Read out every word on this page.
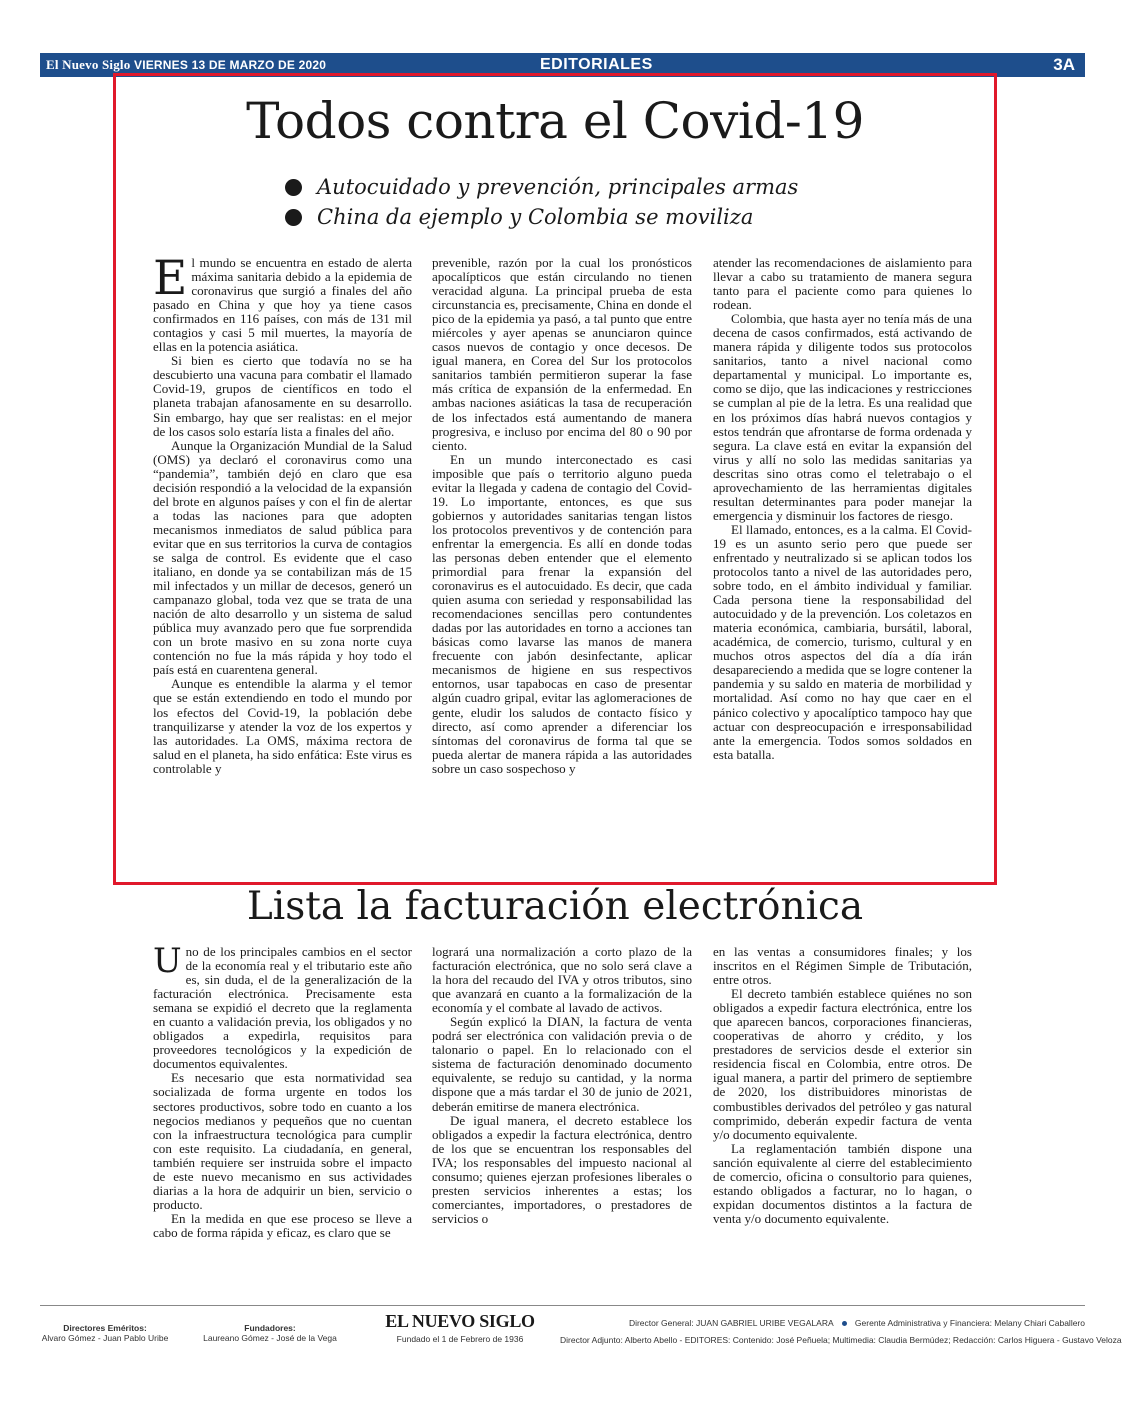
El Nuevo Siglo VIERNES 13 DE MARZO DE 2020	EDITORIALES	3A
Todos contra el Covid-19
Autocuidado y prevención, principales armas
China da ejemplo y Colombia se moviliza

El mundo se encuentra en estado de alerta máxima sanitaria debido a la epidemia de coronavirus que surgió a finales del año pasado en China y que hoy ya tiene casos confirmados en 116 países, con más de 131 mil contagios y casi 5 mil muertes, la mayoría de ellas en la potencia asiática.

Si bien es cierto que todavía no se ha descubierto una vacuna para combatir el llamado Covid-19, grupos de científicos en todo el planeta trabajan afanosamente en su desarrollo. Sin embargo, hay que ser realistas: en el mejor de los casos solo estaría lista a finales del año.

Aunque la Organización Mundial de la Salud (OMS) ya declaró el coronavirus como una “pandemia”, también dejó en claro que esa decisión respondió a la velocidad de la expansión del brote en algunos países y con el fin de alertar a todas las naciones para que adopten mecanismos inmediatos de salud pública para evitar que en sus territorios la curva de contagios se salga de control. Es evidente que el caso italiano, en donde ya se contabilizan más de 15 mil infectados y un millar de decesos, generó un campanazo global, toda vez que se trata de una nación de alto desarrollo y un sistema de salud pública muy avanzado pero que fue sorprendida con un brote masivo en su zona norte cuya contención no fue la más rápida y hoy todo el país está en cuarentena general.

Aunque es entendible la alarma y el temor que se están extendiendo en todo el mundo por los efectos del Covid-19, la población debe tranquilizarse y atender la voz de los expertos y las autoridades. La OMS, máxima rectora de salud en el planeta, ha sido enfática: Este virus es controlable y

prevenible, razón por la cual los pronósticos apocalípticos que están circulando no tienen veracidad alguna. La principal prueba de esta circunstancia es, precisamente, China en donde el pico de la epidemia ya pasó, a tal punto que entre miércoles y ayer apenas se anunciaron quince casos nuevos de contagio y once decesos. De igual manera, en Corea del Sur los protocolos sanitarios también permitieron superar la fase más crítica de expansión de la enfermedad. En ambas naciones asiáticas la tasa de recuperación de los infectados está aumentando de manera progresiva, e incluso por encima del 80 o 90 por ciento.

En un mundo interconectado es casi imposible que país o territorio alguno pueda evitar la llegada y cadena de contagio del Covid-19. Lo importante, entonces, es que sus gobiernos y autoridades sanitarias tengan listos los protocolos preventivos y de contención para enfrentar la emergencia. Es allí en donde todas las personas deben entender que el elemento primordial para frenar la expansión del coronavirus es el autocuidado. Es decir, que cada quien asuma con seriedad y responsabilidad las recomendaciones sencillas pero contundentes dadas por las autoridades en torno a acciones tan básicas como lavarse las manos de manera frecuente con jabón desinfectante, aplicar mecanismos de higiene en sus respectivos entornos, usar tapabocas en caso de presentar algún cuadro gripal, evitar las aglomeraciones de gente, eludir los saludos de contacto físico y directo, así como aprender a diferenciar los síntomas del coronavirus de forma tal que se pueda alertar de manera rápida a las autoridades sobre un caso sospechoso y

atender las recomendaciones de aislamiento para llevar a cabo su tratamiento de manera segura tanto para el paciente como para quienes lo rodean.

Colombia, que hasta ayer no tenía más de una decena de casos confirmados, está activando de manera rápida y diligente todos sus protocolos sanitarios, tanto a nivel nacional como departamental y municipal. Lo importante es, como se dijo, que las indicaciones y restricciones se cumplan al pie de la letra. Es una realidad que en los próximos días habrá nuevos contagios y estos tendrán que afrontarse de forma ordenada y segura. La clave está en evitar la expansión del virus y allí no solo las medidas sanitarias ya descritas sino otras como el teletrabajo o el aprovechamiento de las herramientas digitales resultan determinantes para poder manejar la emergencia y disminuir los factores de riesgo.

El llamado, entonces, es a la calma. El Covid-19 es un asunto serio pero que puede ser enfrentado y neutralizado si se aplican todos los protocolos tanto a nivel de las autoridades pero, sobre todo, en el ámbito individual y familiar. Cada persona tiene la responsabilidad del autocuidado y de la prevención. Los coletazos en materia económica, cambiaria, bursátil, laboral, académica, de comercio, turismo, cultural y en muchos otros aspectos del día a día irán desapareciendo a medida que se logre contener la pandemia y su saldo en materia de morbilidad y mortalidad. Así como no hay que caer en el pánico colectivo y apocalíptico tampoco hay que actuar con despreocupación e irresponsabilidad ante la emergencia. Todos somos soldados en esta batalla.

Lista la facturación electrónica

Uno de los principales cambios en el sector de la economía real y el tributario este año es, sin duda, el de la generalización de la facturación electrónica. Precisamente esta semana se expidió el decreto que la reglamenta en cuanto a validación previa, los obligados y no obligados a expedirla, requisitos para proveedores tecnológicos y la expedición de documentos equivalentes.

Es necesario que esta normatividad sea socializada de forma urgente en todos los sectores productivos, sobre todo en cuanto a los negocios medianos y pequeños que no cuentan con la infraestructura tecnológica para cumplir con este requisito. La ciudadanía, en general, también requiere ser instruida sobre el impacto de este nuevo mecanismo en sus actividades diarias a la hora de adquirir un bien, servicio o producto.

En la medida en que ese proceso se lleve a cabo de forma rápida y eficaz, es claro que se

logrará una normalización a corto plazo de la facturación electrónica, que no solo será clave a la hora del recaudo del IVA y otros tributos, sino que avanzará en cuanto a la formalización de la economía y el combate al lavado de activos.

Según explicó la DIAN, la factura de venta podrá ser electrónica con validación previa o de talonario o papel. En lo relacionado con el sistema de facturación denominado documento equivalente, se redujo su cantidad, y la norma dispone que a más tardar el 30 de junio de 2021, deberán emitirse de manera electrónica.

De igual manera, el decreto establece los obligados a expedir la factura electrónica, dentro de los que se encuentran los responsables del IVA; los responsables del impuesto nacional al consumo; quienes ejerzan profesiones liberales o presten servicios inherentes a estas; los comerciantes, importadores, o prestadores de servicios o

en las ventas a consumidores finales; y los inscritos en el Régimen Simple de Tributación, entre otros.

El decreto también establece quiénes no son obligados a expedir factura electrónica, entre los que aparecen bancos, corporaciones financieras, cooperativas de ahorro y crédito, y los prestadores de servicios desde el exterior sin residencia fiscal en Colombia, entre otros. De igual manera, a partir del primero de septiembre de 2020, los distribuidores minoristas de combustibles derivados del petróleo y gas natural comprimido, deberán expedir factura de venta y/o documento equivalente.

La reglamentación también dispone una sanción equivalente al cierre del establecimiento de comercio, oficina o consultorio para quienes, estando obligados a facturar, no lo hagan, o expidan documentos distintos a la factura de venta y/o documento equivalente.

Directores Eméritos:
Alvaro Gómez - Juan Pablo Uribe
Fundadores:
Laureano Gómez - José de la Vega
EL NUEVO SIGLO
Fundado el 1 de Febrero de 1936
Director General: JUAN GABRIEL URIBE VEGALARA	Gerente Administrativa y Financiera: Melany Chiari Caballero
Director Adjunto: Alberto Abello - EDITORES: Contenido: José Peñuela; Multimedia: Claudia Bermúdez; Redacción: Carlos Higuera - Gustavo Veloza
